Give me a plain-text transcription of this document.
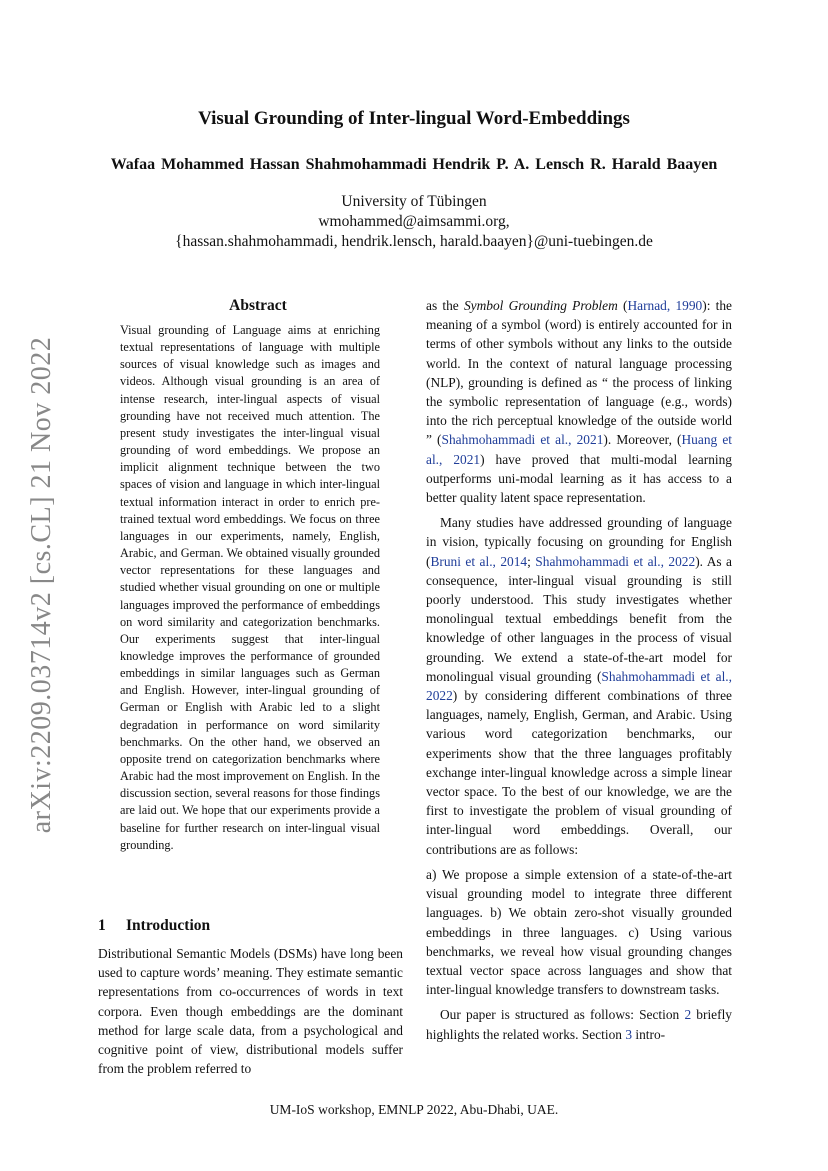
arXiv:2209.03714v2 [cs.CL] 21 Nov 2022
Visual Grounding of Inter-lingual Word-Embeddings
Wafaa Mohammed Hassan Shahmohammadi Hendrik P. A. Lensch R. Harald Baayen
University of Tübingen
wmohammed@aimsammi.org,
{hassan.shahmohammadi, hendrik.lensch, harald.baayen}@uni-tuebingen.de
Abstract

Visual grounding of Language aims at enriching textual representations of language with multiple sources of visual knowledge such as images and videos. Although visual grounding is an area of intense research, inter-lingual aspects of visual grounding have not received much attention. The present study investigates the inter-lingual visual grounding of word embeddings. We propose an implicit alignment technique between the two spaces of vision and language in which inter-lingual textual information interact in order to enrich pre-trained textual word embeddings. We focus on three languages in our experiments, namely, English, Arabic, and German. We obtained visually grounded vector representations for these languages and studied whether visual grounding on one or multiple languages improved the performance of embeddings on word similarity and categorization benchmarks. Our experiments suggest that inter-lingual knowledge improves the performance of grounded embeddings in similar languages such as German and English. However, inter-lingual grounding of German or English with Arabic led to a slight degradation in performance on word similarity benchmarks. On the other hand, we observed an opposite trend on categorization benchmarks where Arabic had the most improvement on English. In the discussion section, several reasons for those findings are laid out. We hope that our experiments provide a baseline for further research on inter-lingual visual grounding.

1 Introduction

Distributional Semantic Models (DSMs) have long been used to capture words’ meaning. They estimate semantic representations from co-occurrences of words in text corpora. Even though embeddings are the dominant method for large scale data, from a psychological and cognitive point of view, distributional models suffer from the problem referred to

as the Symbol Grounding Problem (Harnad, 1990): the meaning of a symbol (word) is entirely accounted for in terms of other symbols without any links to the outside world. In the context of natural language processing (NLP), grounding is defined as “ the process of linking the symbolic representation of language (e.g., words) into the rich perceptual knowledge of the outside world ” (Shahmohammadi et al., 2021). Moreover, (Huang et al., 2021) have proved that multi-modal learning outperforms uni-modal learning as it has access to a better quality latent space representation.

Many studies have addressed grounding of language in vision, typically focusing on grounding for English (Bruni et al., 2014; Shahmohammadi et al., 2022). As a consequence, inter-lingual visual grounding is still poorly understood. This study investigates whether monolingual textual embeddings benefit from the knowledge of other languages in the process of visual grounding. We extend a state-of-the-art model for monolingual visual grounding (Shahmohammadi et al., 2022) by considering different combinations of three languages, namely, English, German, and Arabic. Using various word categorization benchmarks, our experiments show that the three languages profitably exchange inter-lingual knowledge across a simple linear vector space. To the best of our knowledge, we are the first to investigate the problem of visual grounding of inter-lingual word embeddings. Overall, our contributions are as follows:

a) We propose a simple extension of a state-of-the-art visual grounding model to integrate three different languages. b) We obtain zero-shot visually grounded embeddings in three languages. c) Using various benchmarks, we reveal how visual grounding changes textual vector space across languages and show that inter-lingual knowledge transfers to downstream tasks.

Our paper is structured as follows: Section 2 briefly highlights the related works. Section 3 intro-

UM-IoS workshop, EMNLP 2022, Abu-Dhabi, UAE.
